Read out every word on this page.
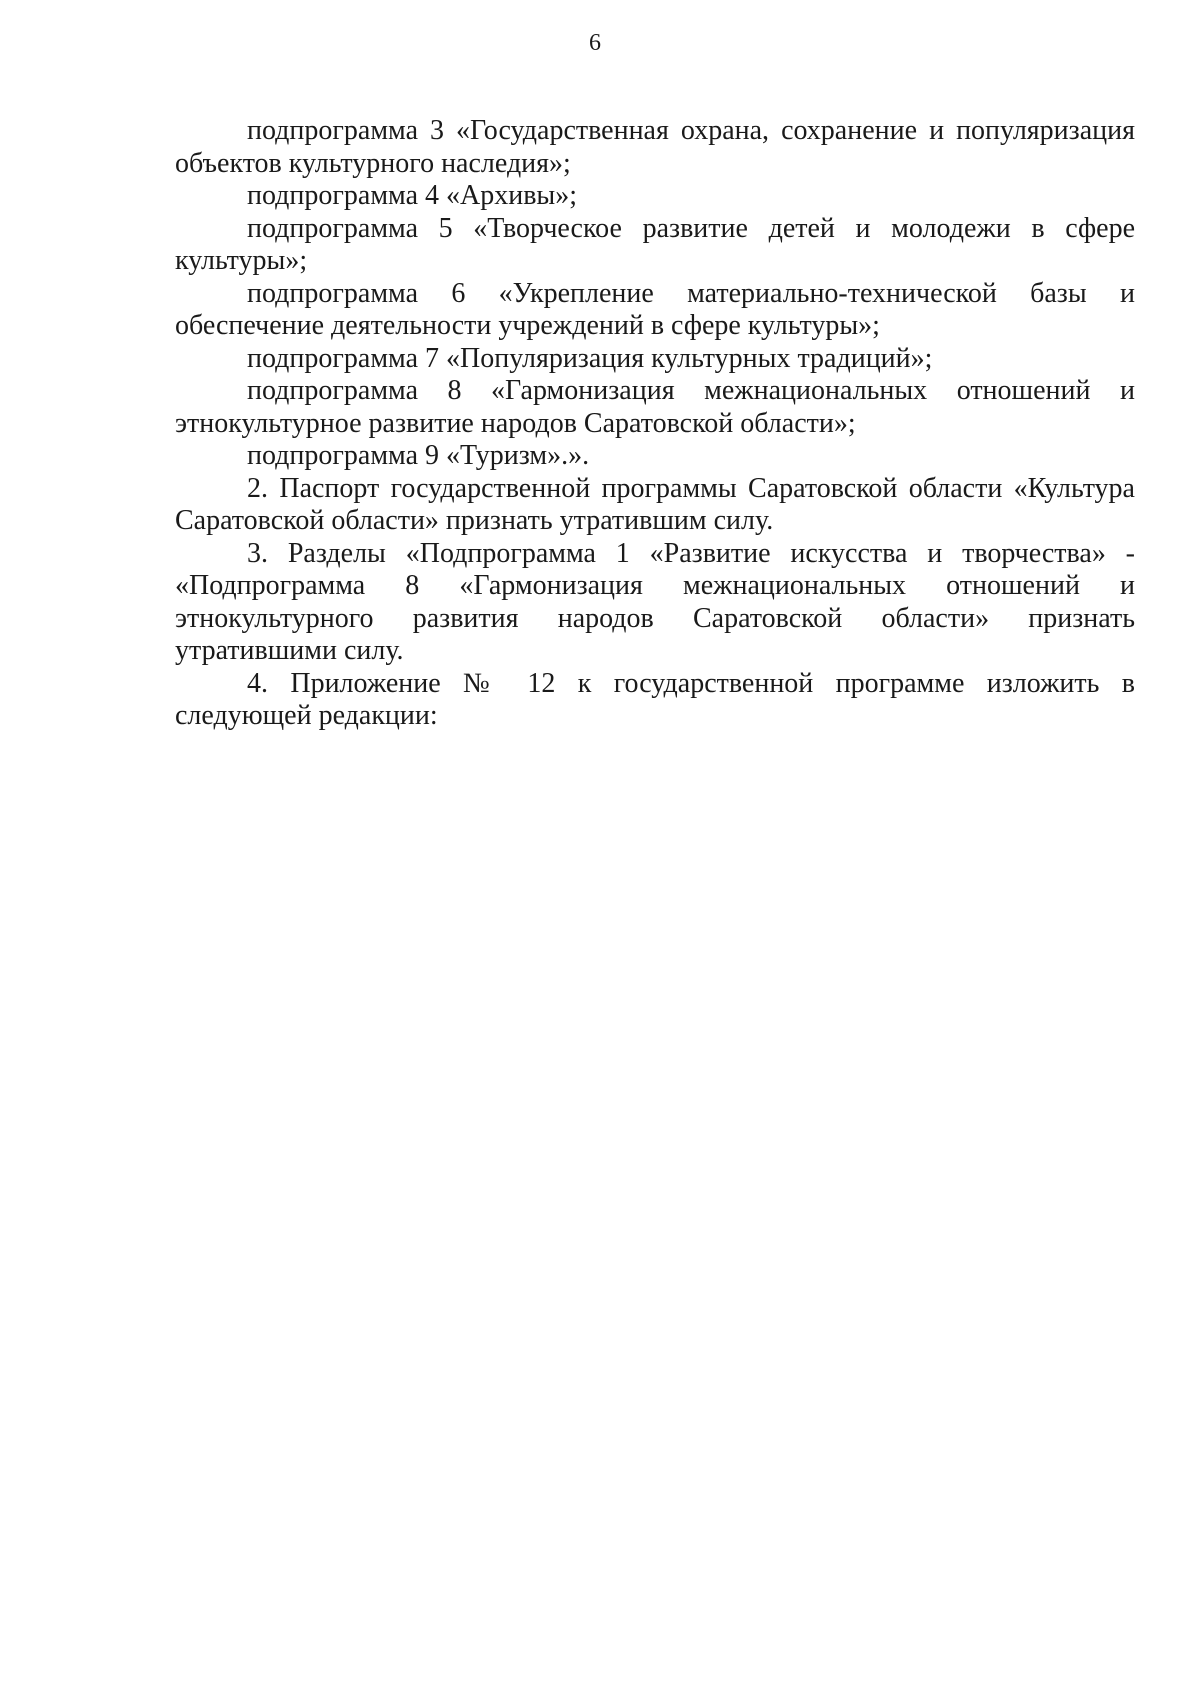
6

подпрограмма 3 «Государственная охрана, сохранение и популяризация объектов культурного наследия»;

подпрограмма 4 «Архивы»;

подпрограмма 5 «Творческое развитие детей и молодежи в сфере культуры»;

подпрограмма 6 «Укрепление материально-технической базы и обеспечение деятельности учреждений в сфере культуры»;

подпрограмма 7 «Популяризация культурных традиций»;

подпрограмма 8 «Гармонизация межнациональных отношений и этнокультурное развитие народов Саратовской области»;

подпрограмма 9 «Туризм».».

2. Паспорт государственной программы Саратовской области «Культура Саратовской области» признать утратившим силу.

3. Разделы «Подпрограмма 1 «Развитие искусства и творчества» - «Подпрограмма 8 «Гармонизация межнациональных отношений и этнокультурного развития народов Саратовской области» признать утратившими силу.

4. Приложение № 12 к государственной программе изложить в следующей редакции:
